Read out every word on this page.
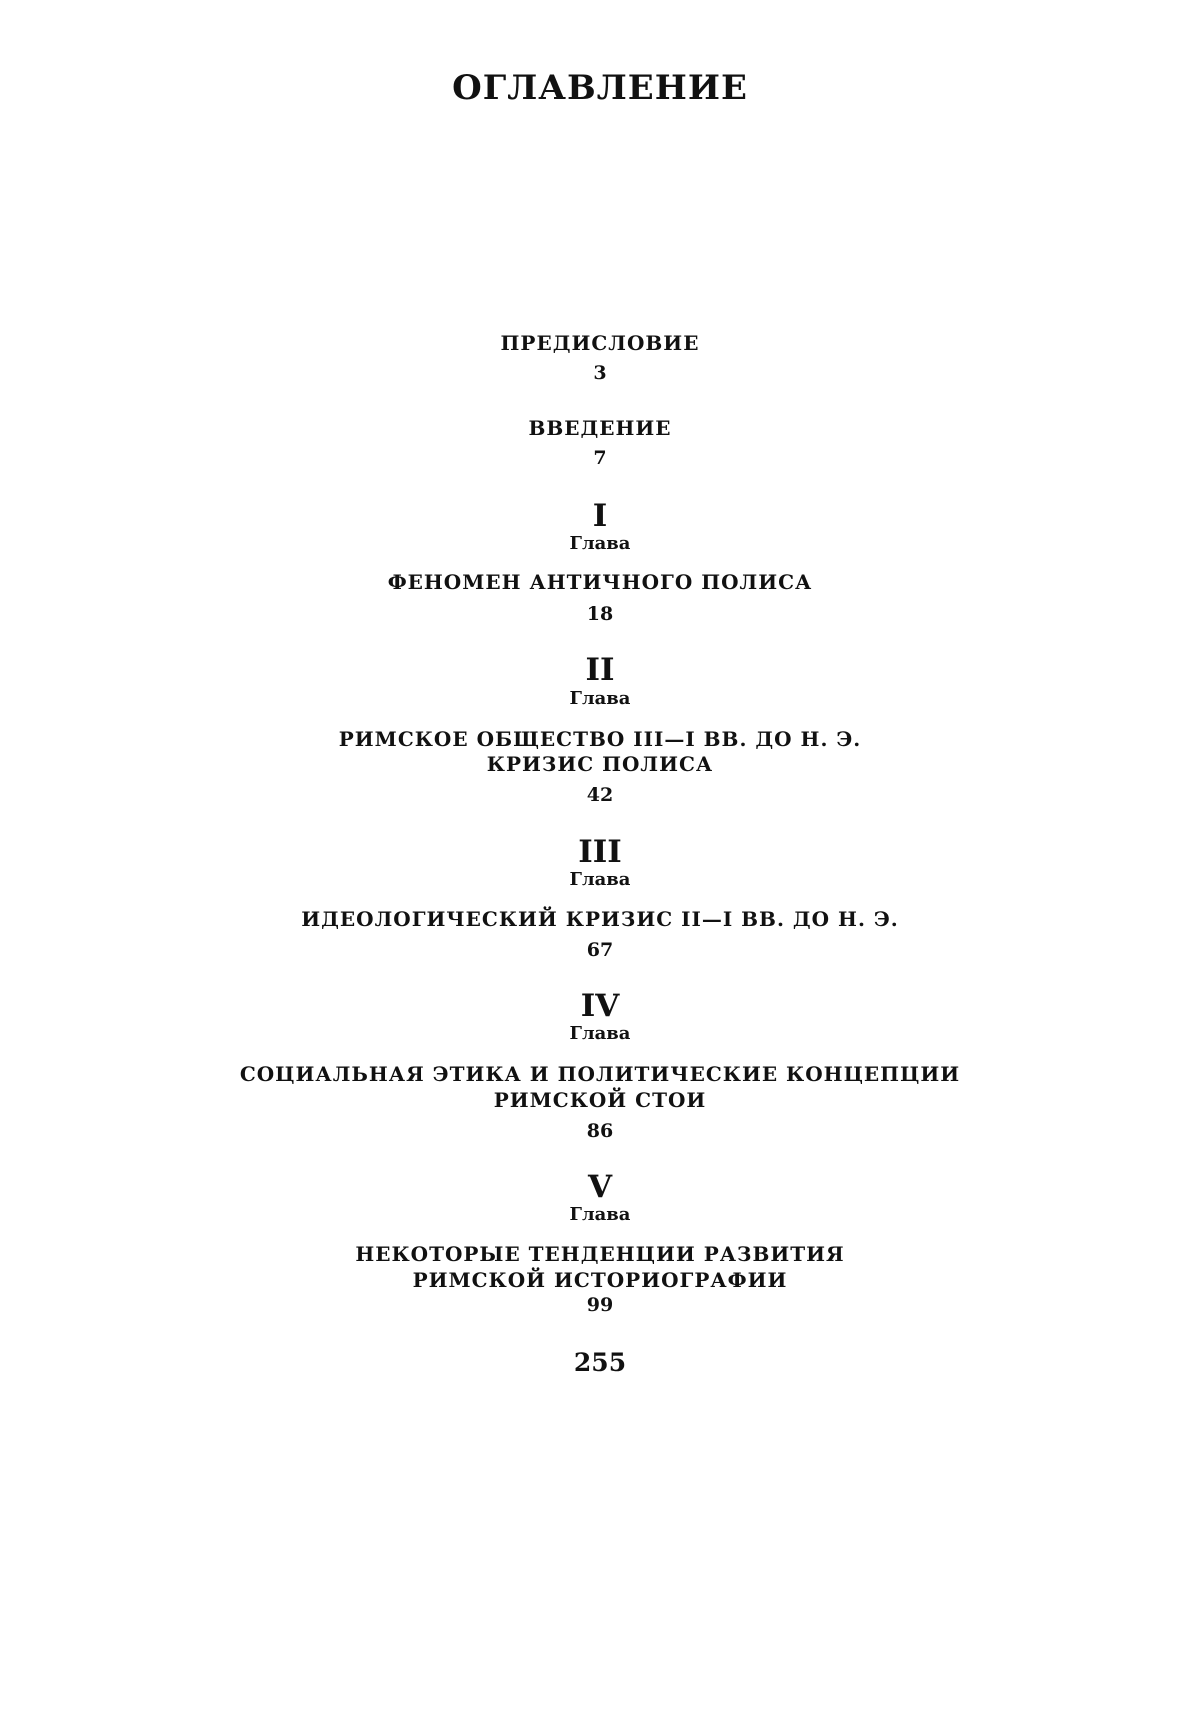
ОГЛАВЛЕНИЕ
ПРЕДИСЛОВИЕ
3
ВВЕДЕНИЕ
7
I
Глава
ФЕНОМЕН АНТИЧНОГО ПОЛИСА
18
II
Глава
РИМСКОЕ ОБЩЕСТВО III—I ВВ. ДО Н. Э.
КРИЗИС ПОЛИСА
42
III
Глава
ИДЕОЛОГИЧЕСКИЙ КРИЗИС II—I ВВ. ДО Н. Э.
67
IV
Глава
СОЦИАЛЬНАЯ ЭТИКА И ПОЛИТИЧЕСКИЕ КОНЦЕПЦИИ
РИМСКОЙ СТОИ
86
V
Глава
НЕКОТОРЫЕ ТЕНДЕНЦИИ РАЗВИТИЯ
РИМСКОЙ ИСТОРИОГРАФИИ
99
255
